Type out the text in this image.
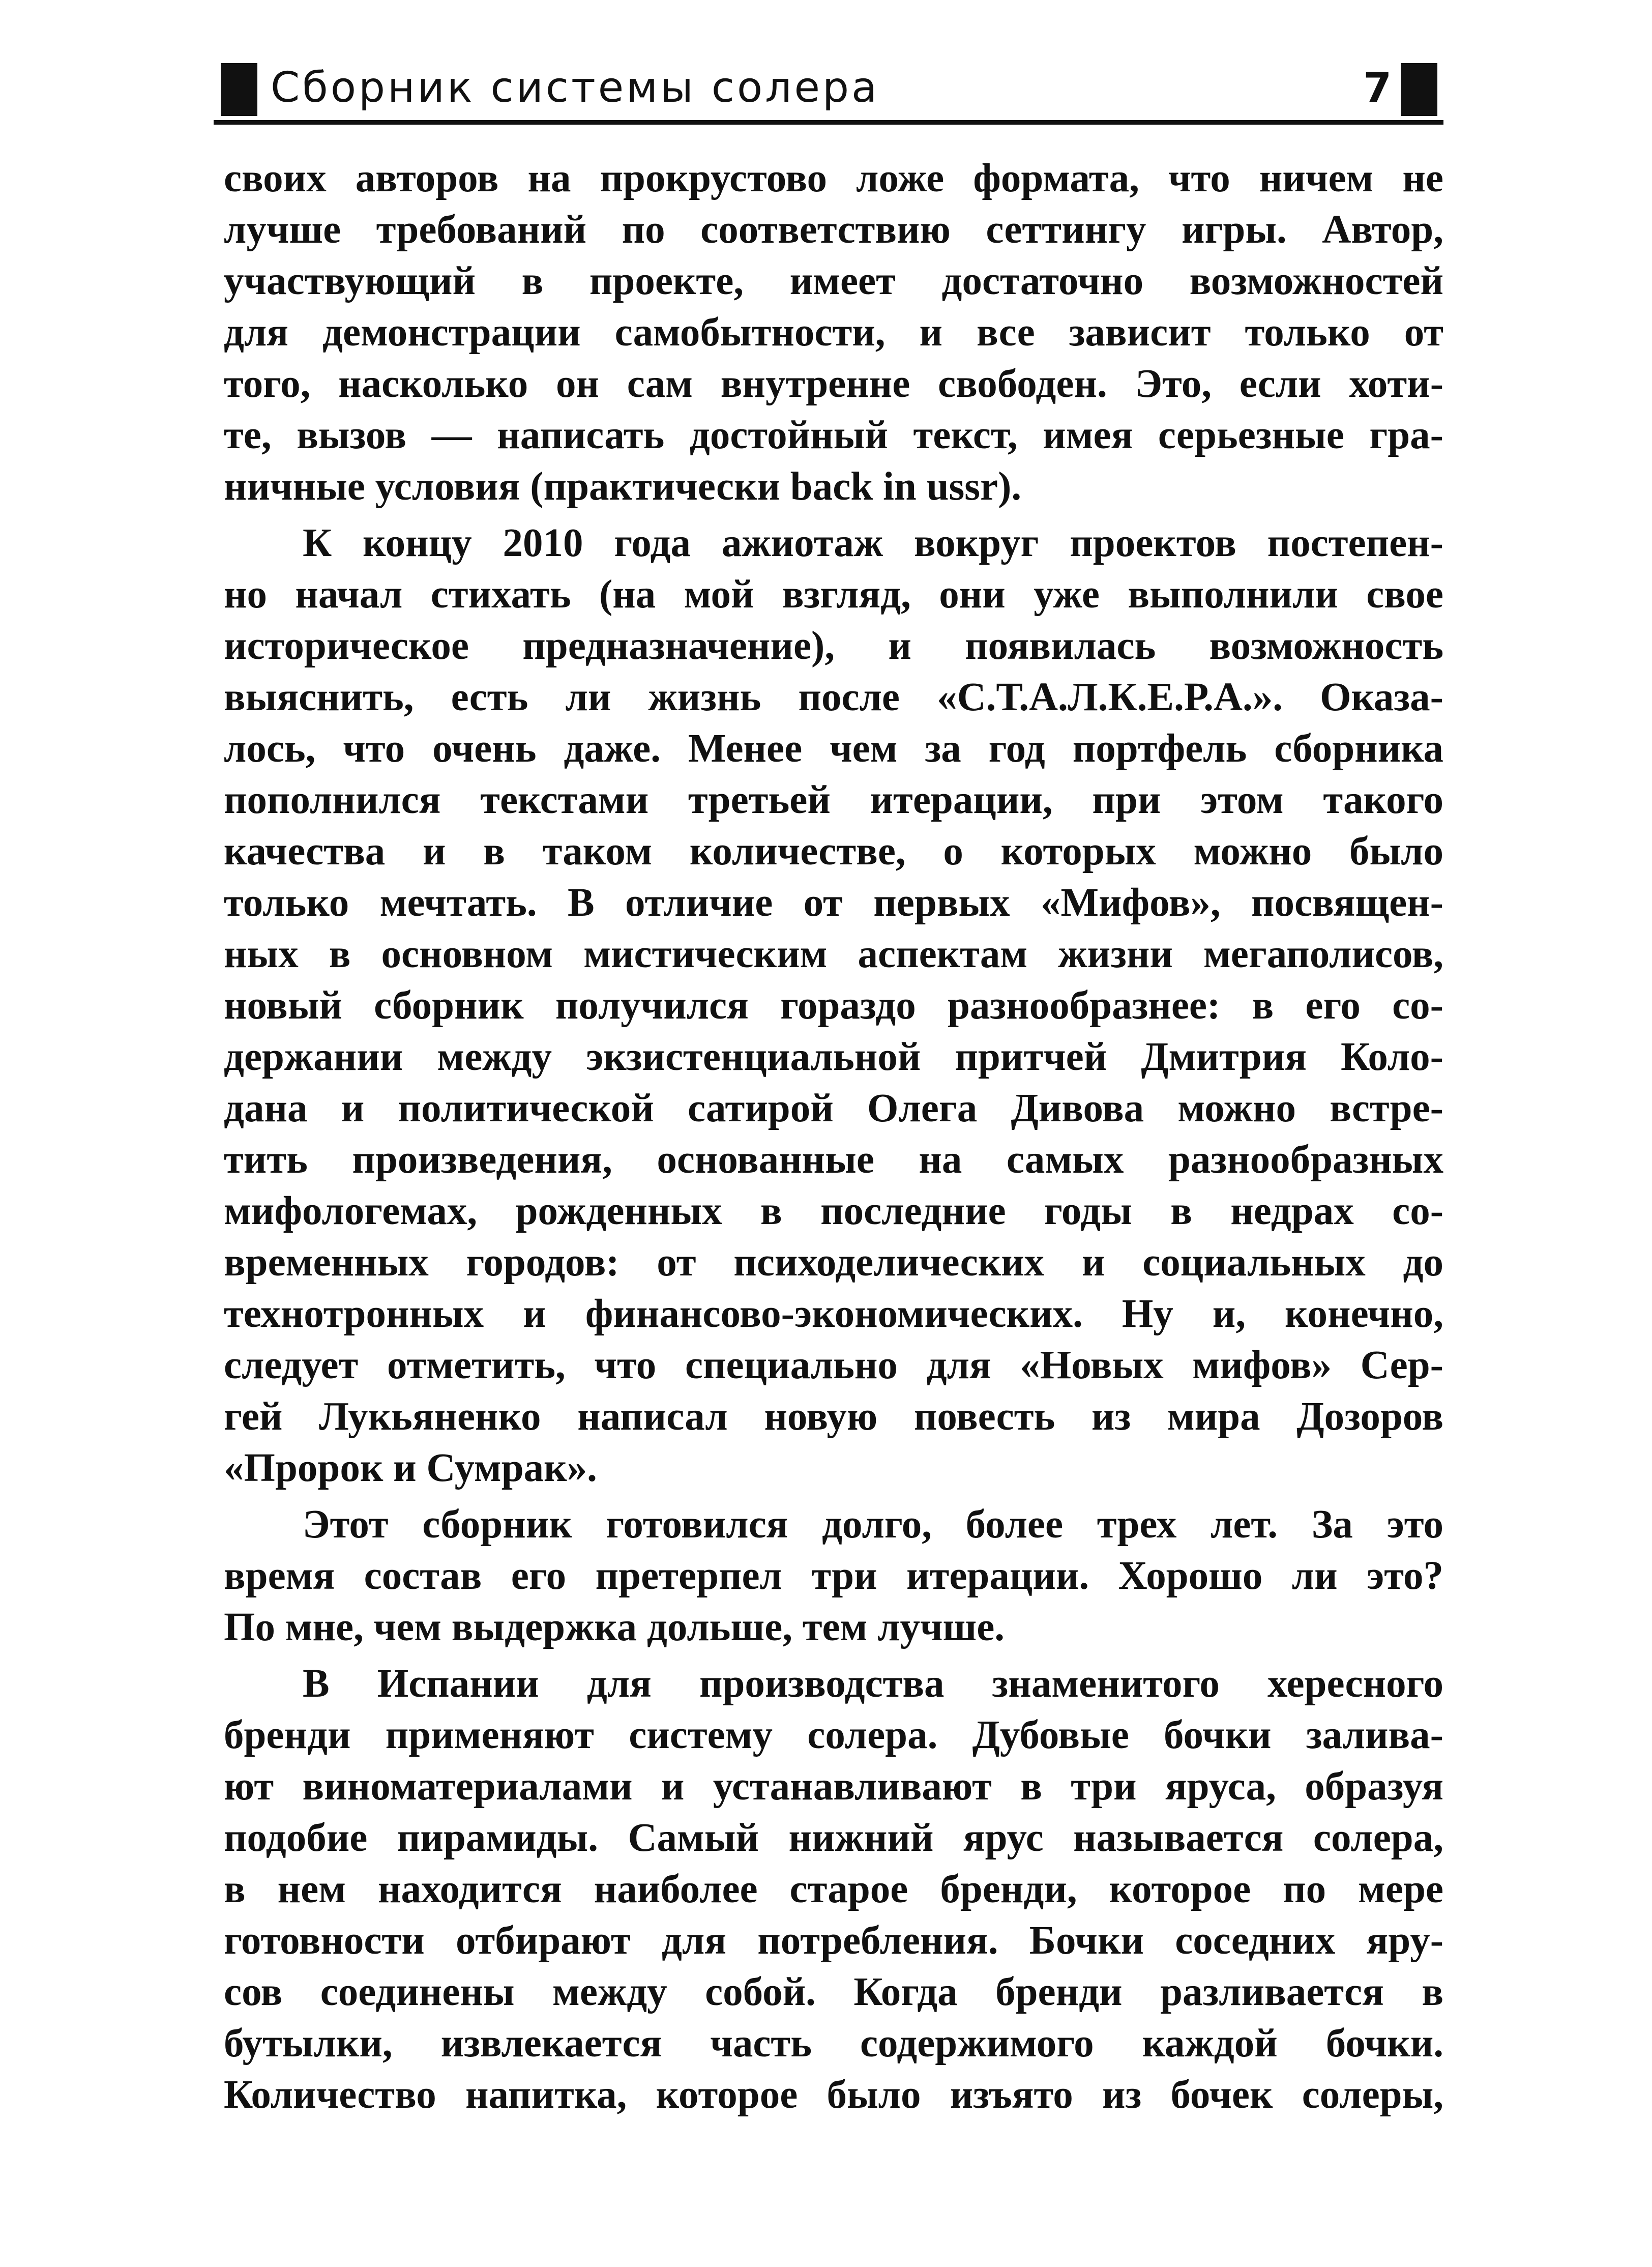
Сборник системы солера	7
своих авторов на прокрустово ложе формата, что ничем не
лучше требований по соответствию сеттингу игры. Автор,
участвующий в проекте, имеет достаточно возможностей
для демонстрации самобытности, и все зависит только от
того, насколько он сам внутренне свободен. Это, если хоти-
те, вызов — написать достойный текст, имея серьезные гра-
ничные условия (практически back in ussr).
К концу 2010 года ажиотаж вокруг проектов постепен-
но начал стихать (на мой взгляд, они уже выполнили свое
историческое предназначение), и появилась возможность
выяснить, есть ли жизнь после «С.Т.А.Л.К.Е.Р.А.». Оказа-
лось, что очень даже. Менее чем за год портфель сборника
пополнился текстами третьей итерации, при этом такого
качества и в таком количестве, о которых можно было
только мечтать. В отличие от первых «Мифов», посвящен-
ных в основном мистическим аспектам жизни мегаполисов,
новый сборник получился гораздо разнообразнее: в его со-
держании между экзистенциальной притчей Дмитрия Коло-
дана и политической сатирой Олега Дивова можно встре-
тить произведения, основанные на самых разнообразных
мифологемах, рожденных в последние годы в недрах со-
временных городов: от психоделических и социальных до
технотронных и финансово-экономических. Ну и, конечно,
следует отметить, что специально для «Новых мифов» Сер-
гей Лукьяненко написал новую повесть из мира Дозоров
«Пророк и Сумрак».
Этот сборник готовился долго, более трех лет. За это
время состав его претерпел три итерации. Хорошо ли это?
По мне, чем выдержка дольше, тем лучше.
В Испании для производства знаменитого хересного
бренди применяют систему солера. Дубовые бочки залива-
ют виноматериалами и устанавливают в три яруса, образуя
подобие пирамиды. Самый нижний ярус называется солера,
в нем находится наиболее старое бренди, которое по мере
готовности отбирают для потребления. Бочки соседних яру-
сов соединены между собой. Когда бренди разливается в
бутылки, извлекается часть содержимого каждой бочки.
Количество напитка, которое было изъято из бочек солеры,
